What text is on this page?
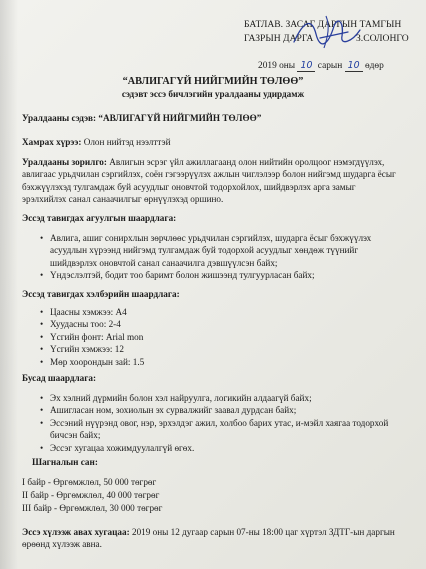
БАТЛАВ. ЗАСАГ ДАРГЫН ТАМГЫН
ГАЗРЫН ДАРГА	З.СОЛОНГО
2019 оны 10 сарын 10 өдөр
“АВЛИГАГҮЙ НИЙГМИЙН ТӨЛӨӨ”
сэдэвт эссэ бичлэгийн уралдааны удирдамж
Уралдааны сэдэв: “АВЛИГАГҮЙ НИЙГМИЙН ТӨЛӨӨ”
Хамрах хүрээ: Олон нийтэд нээлттэй
Уралдааны зорилго: Авлигын эсрэг үйл ажиллагаанд олон нийтийн оролцоог нэмэгдүүлэх,
авлигаас урьдчилан сэргийлэх, соён гэгээрүүлэх ажлын чиглэлээр болон нийгэмд шударга ёсыг
бэхжүүлэхэд тулгамдаж буй асуудлыг оновчтой тодорхойлох, шийдвэрлэх арга замыг
эрэлхийлэх санал санаачилгыг өрнүүлэхэд оршино.
Эссэд тавигдах агуулгын шаардлага:
• Авлига, ашиг сонирхлын зөрчлөөс урьдчилан сэргийлэх, шударга ёсыг бэхжүүлэх
асуудлын хүрээнд нийгэмд тулгамдаж буй тодорхой асуудлыг хөндөж түүнийг
шийдвэрлэх оновчтой санал санаачилга дэвшүүлсэн байх;
• Үндэслэлтэй, бодит тоо баримт болон жишээнд тулгуурласан байх;
Эссэд тавигдах хэлбэрийн шаардлага:
• Цаасны хэмжээ: A4
• Хуудасны тоо: 2-4
• Үсгийн фонт: Arial mon
• Үсгийн хэмжээ: 12
• Мөр хоорондын зай: 1.5
Бусад шаардлага:
• Эх хэлний дүрмийн болон хэл найруулга, логикийн алдаагүй байх;
• Ашигласан ном, зохиолын эх сурвалжийг заавал дурдсан байх;
• Эссэний нүүрэнд овог, нэр, эрхэлдэг ажил, холбоо барих утас, и-мэйл хаягаа тодорхой
бичсэн байх;
• Эссэг хугацаа хожимдуулалгүй өгөх.
Шагналын сан:
I байр - Өргөмжлөл, 50 000 төгрөг
II байр - Өргөмжлөл, 40 000 төгрөг
III байр - Өргөмжлөл, 30 000 төгрөг
Эссэ хүлээж авах хугацаа: 2019 оны 12 дугаар сарын 07-ны 18:00 цаг хүртэл ЗДТГ-ын даргын
өрөөнд хүлээж авна.
